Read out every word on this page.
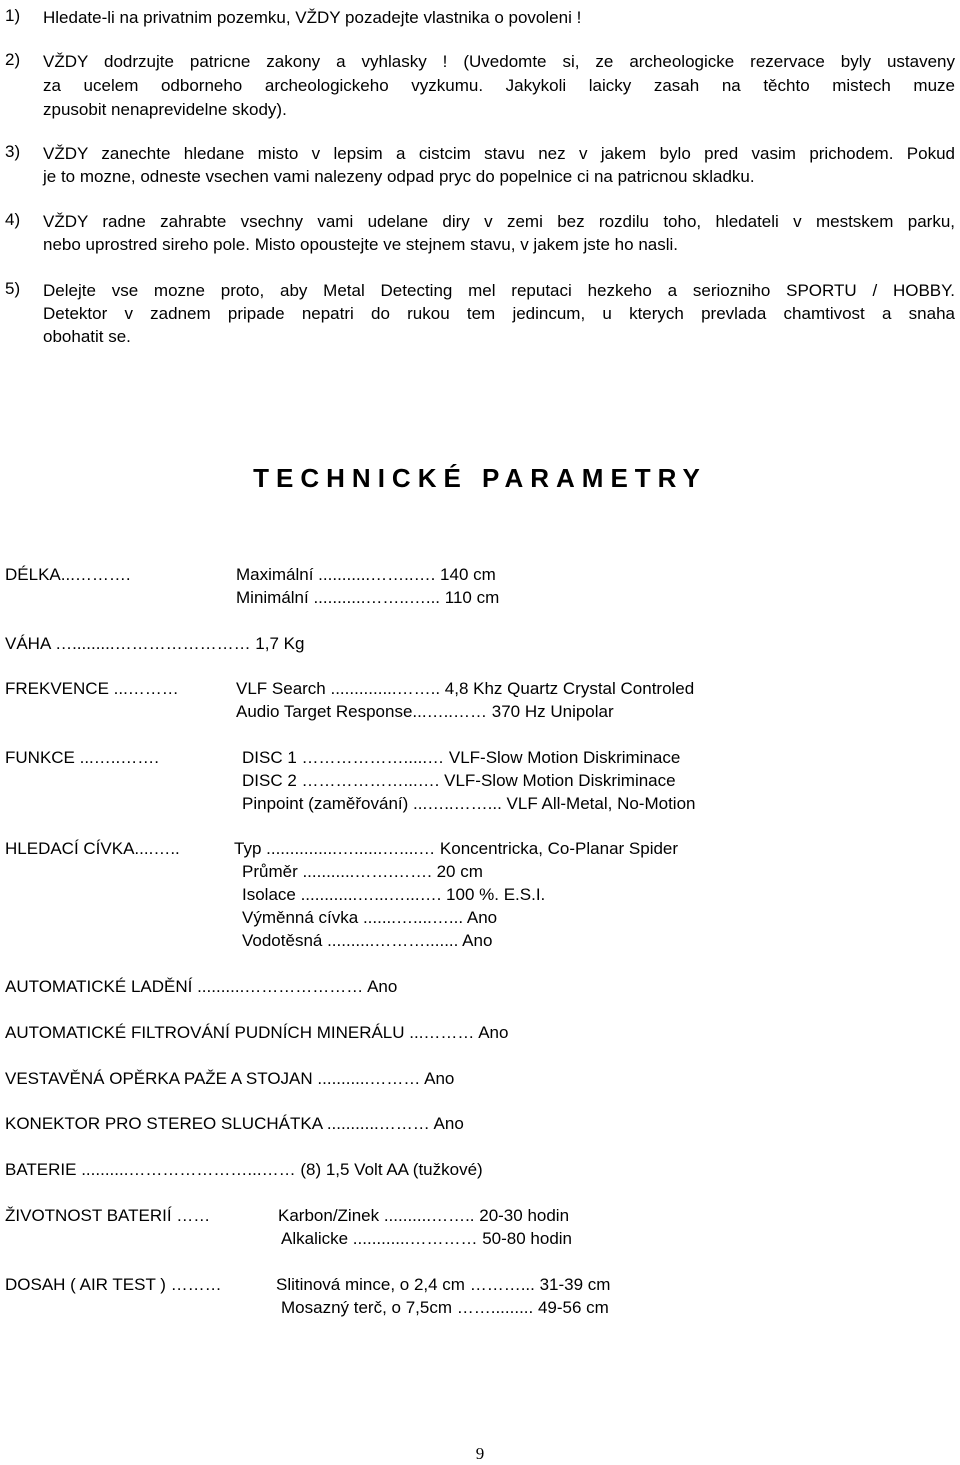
1) Hledate-li na privatnim pozemku, VŽDY pozadejte vlastnika o povoleni !
2) VŽDY dodrzujte patricne zakony a vyhlasky ! (Uvedomte si, ze archeologicke rezervace byly ustaveny
za ucelem odborneho archeologickeho vyzkumu. Jakykoli laicky zasah na těchto mistech muze
zpusobit nenaprevidelne skody).
3) VŽDY zanechte hledane misto v lepsim a cistcim stavu nez v jakem bylo pred vasim prichodem. Pokud
je to mozne, odneste vsechen vami nalezeny odpad pryc do popelnice ci na patricnou skladku.
4) VŽDY radne zahrabte vsechny vami udelane diry v zemi bez rozdilu toho, hledateli v mestskem parku,
nebo uprostred sireho pole. Misto opoustejte ve stejnem stavu, v jakem jste ho nasli.
5) Delejte vse mozne proto, aby Metal Detecting mel reputaci hezkeho a seriozniho SPORTU / HOBBY.
Detektor v zadnem pripade nepatri do rukou tem jedincum, u kterych prevlada chamtivost a snaha
obohatit se.
TECHNICKÉ PARAMETRY
DÉLKA...……….	Maximální ...........……..…. 140 cm
Minimální ...........……..…... 110 cm
VÁHA ….........…………………… 1,7 Kg
FREKVENCE ...………	VLF Search ..............…….. 4,8 Khz Quartz Crystal Controled
Audio Target Response...…..…… 370 Hz Unipolar
FUNKCE ...…..…….	DISC 1 ……………….....… VLF-Slow Motion Diskriminace
DISC 2 ………………...…. VLF-Slow Motion Diskriminace
Pinpoint (zaměřování) ...…..……... VLF All-Metal, No-Motion
HLEDACÍ CÍVKA....…..	Typ ...............…......…....… Koncentricka, Co-Planar Spider
Průměr ...........…….……. 20 cm
Isolace ............…...…...…. 100 %. E.S.I.
Výměnná cívka .......…....…... Ano
Vodotěsná ..........………....... Ano
AUTOMATICKÉ LADĚNÍ ..........………………… Ano
AUTOMATICKÉ FILTROVÁNÍ PUDNÍCH MINERÁLU ...……… Ano
VESTAVĚNÁ OPĚRKA PAŽE A STOJAN ...........……… Ano
KONEKTOR PRO STEREO SLUCHÁTKA ...........……… Ano
BATERIE ..........…………………...…… (8) 1,5 Volt AA (tužkové)
ŽIVOTNOST BATERIÍ ……	Karbon/Zinek ..........…….. 20-30 hodin
Alkalicke ............………… 50-80 hodin
DOSAH ( AIR TEST ) ………	Slitinová mince, o 2,4 cm ………... 31-39 cm
Mosazný terč, o 7,5cm ……......... 49-56 cm
9
